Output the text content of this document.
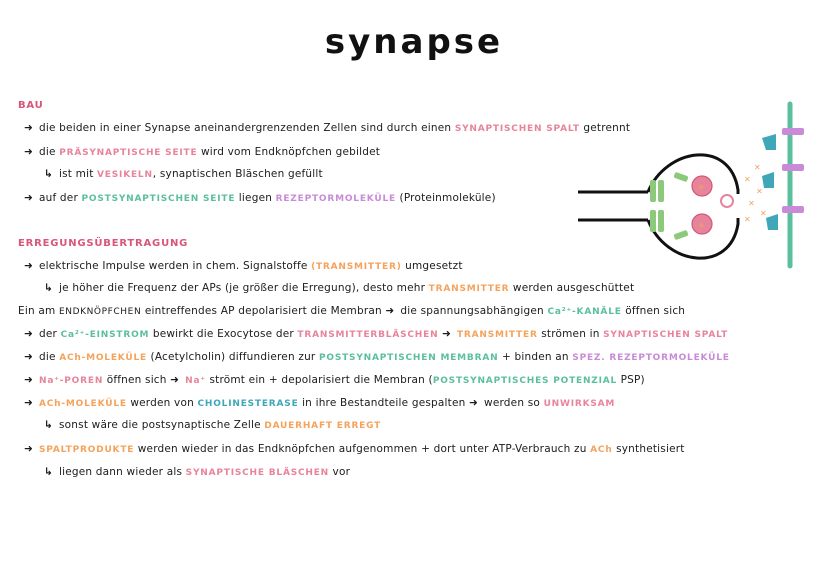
synapse
BAU
➜ die beiden in einer Synapse aneinandergrenzenden Zellen sind durch einen SYNAPTISCHEN SPALT getrennt
➜ die PRÄSYNAPTISCHE SEITE wird vom Endknöpfchen gebildet
↳ ist mit VESIKELN, synaptischen Bläschen gefüllt
➜ auf der POSTSYNAPTISCHEN SEITE liegen REZEPTORMOLEKÜLE (Proteinmoleküle)
ERREGUNGSÜBERTRAGUNG
➜ elektrische Impulse werden in chem. Signalstoffe (TRANSMITTER) umgesetzt
↳ je höher die Frequenz der APs (je größer die Erregung), desto mehr TRANSMITTER werden ausgeschüttet
Ein am ENDKNÖPFCHEN eintreffendes AP depolarisiert die Membran ➜ die spannungsabhängigen Ca²⁺-KANÄLE öffnen sich
➜ der Ca²⁺-EINSTROM bewirkt die Exocytose der TRANSMITTERBLÄSCHEN ➜ TRANSMITTER strömen in SYNAPTISCHEN SPALT
➜ die ACh-MOLEKÜLE (Acetylcholin) diffundieren zur POSTSYNAPTISCHEN MEMBRAN + binden an SPEZ. REZEPTORMOLEKÜLE
➜ Na⁺-POREN öffnen sich ➜ Na⁺ strömt ein + depolarisiert die Membran (POSTSYNAPTISCHES POTENZIAL PSP)
➜ ACh-MOLEKÜLE werden von CHOLINESTERASE in ihre Bestandteile gespalten ➜ werden so UNWIRKSAM
↳ sonst wäre die postsynaptische Zelle DAUERHAFT ERREGT
➜ SPALTPRODUKTE werden wieder in das Endknöpfchen aufgenommen + dort unter ATP-Verbrauch zu ACh synthetisiert
↳ liegen dann wieder als SYNAPTISCHE BLÄSCHEN vor
✳
✳
✕
✕
✕
✕
✕
✕
